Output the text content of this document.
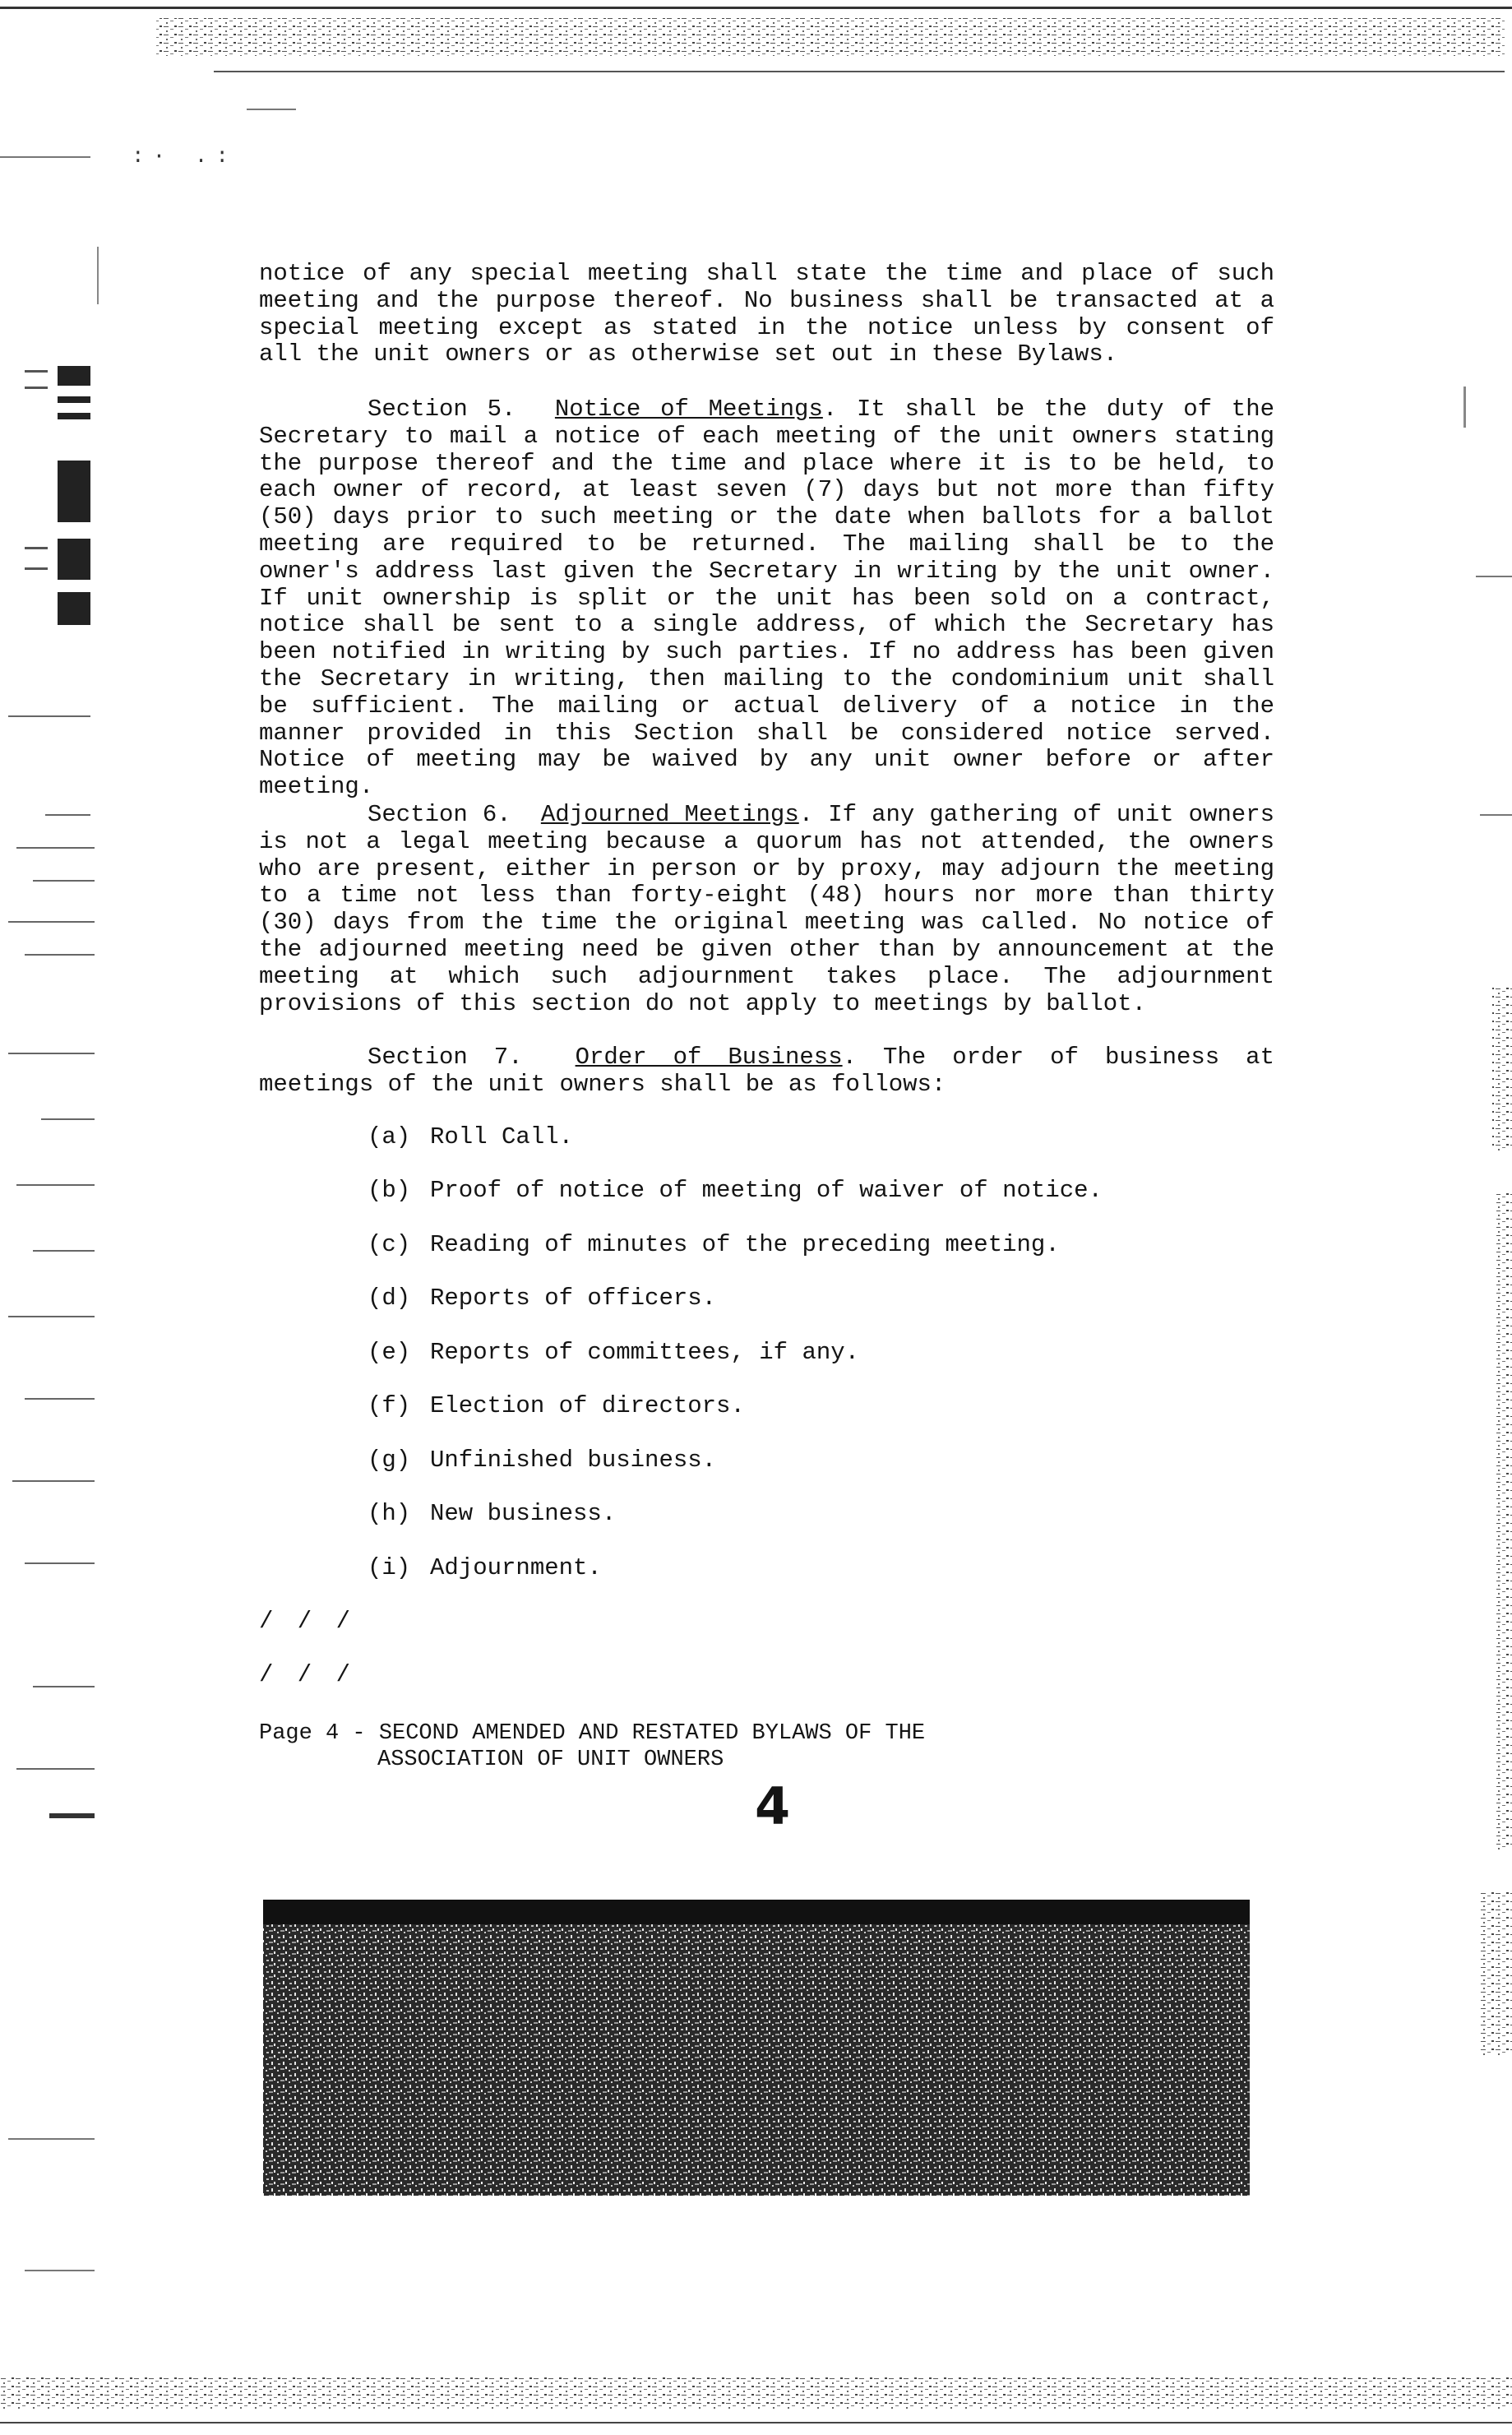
:· .:
notice of any special meeting shall state the time and place of such meeting and the purpose thereof. No business shall be transacted at a special meeting except as stated in the notice unless by consent of all the unit owners or as otherwise set out in these Bylaws.
Section 5. Notice of Meetings. It shall be the duty of the Secretary to mail a notice of each meeting of the unit owners stating the purpose thereof and the time and place where it is to be held, to each owner of record, at least seven (7) days but not more than fifty (50) days prior to such meeting or the date when ballots for a ballot meeting are required to be returned. The mailing shall be to the owner's address last given the Secretary in writing by the unit owner. If unit ownership is split or the unit has been sold on a contract, notice shall be sent to a single address, of which the Secretary has been notified in writing by such parties. If no address has been given the Secretary in writing, then mailing to the condominium unit shall be sufficient. The mailing or actual delivery of a notice in the manner provided in this Section shall be considered notice served. Notice of meeting may be waived by any unit owner before or after meeting.
Section 6. Adjourned Meetings. If any gathering of unit owners is not a legal meeting because a quorum has not attended, the owners who are present, either in person or by proxy, may adjourn the meeting to a time not less than forty-eight (48) hours nor more than thirty (30) days from the time the original meeting was called. No notice of the adjourned meeting need be given other than by announcement at the meeting at which such adjournment takes place. The adjournment provisions of this section do not apply to meetings by ballot.
Section 7. Order of Business. The order of business at meetings of the unit owners shall be as follows:
(a) Roll Call.
(b) Proof of notice of meeting of waiver of notice.
(c) Reading of minutes of the preceding meeting.
(d) Reports of officers.
(e) Reports of committees, if any.
(f) Election of directors.
(g) Unfinished business.
(h) New business.
(i) Adjournment.
/ / /
/ / /
Page 4 - SECOND AMENDED AND RESTATED BYLAWS OF THE
ASSOCIATION OF UNIT OWNERS
4
